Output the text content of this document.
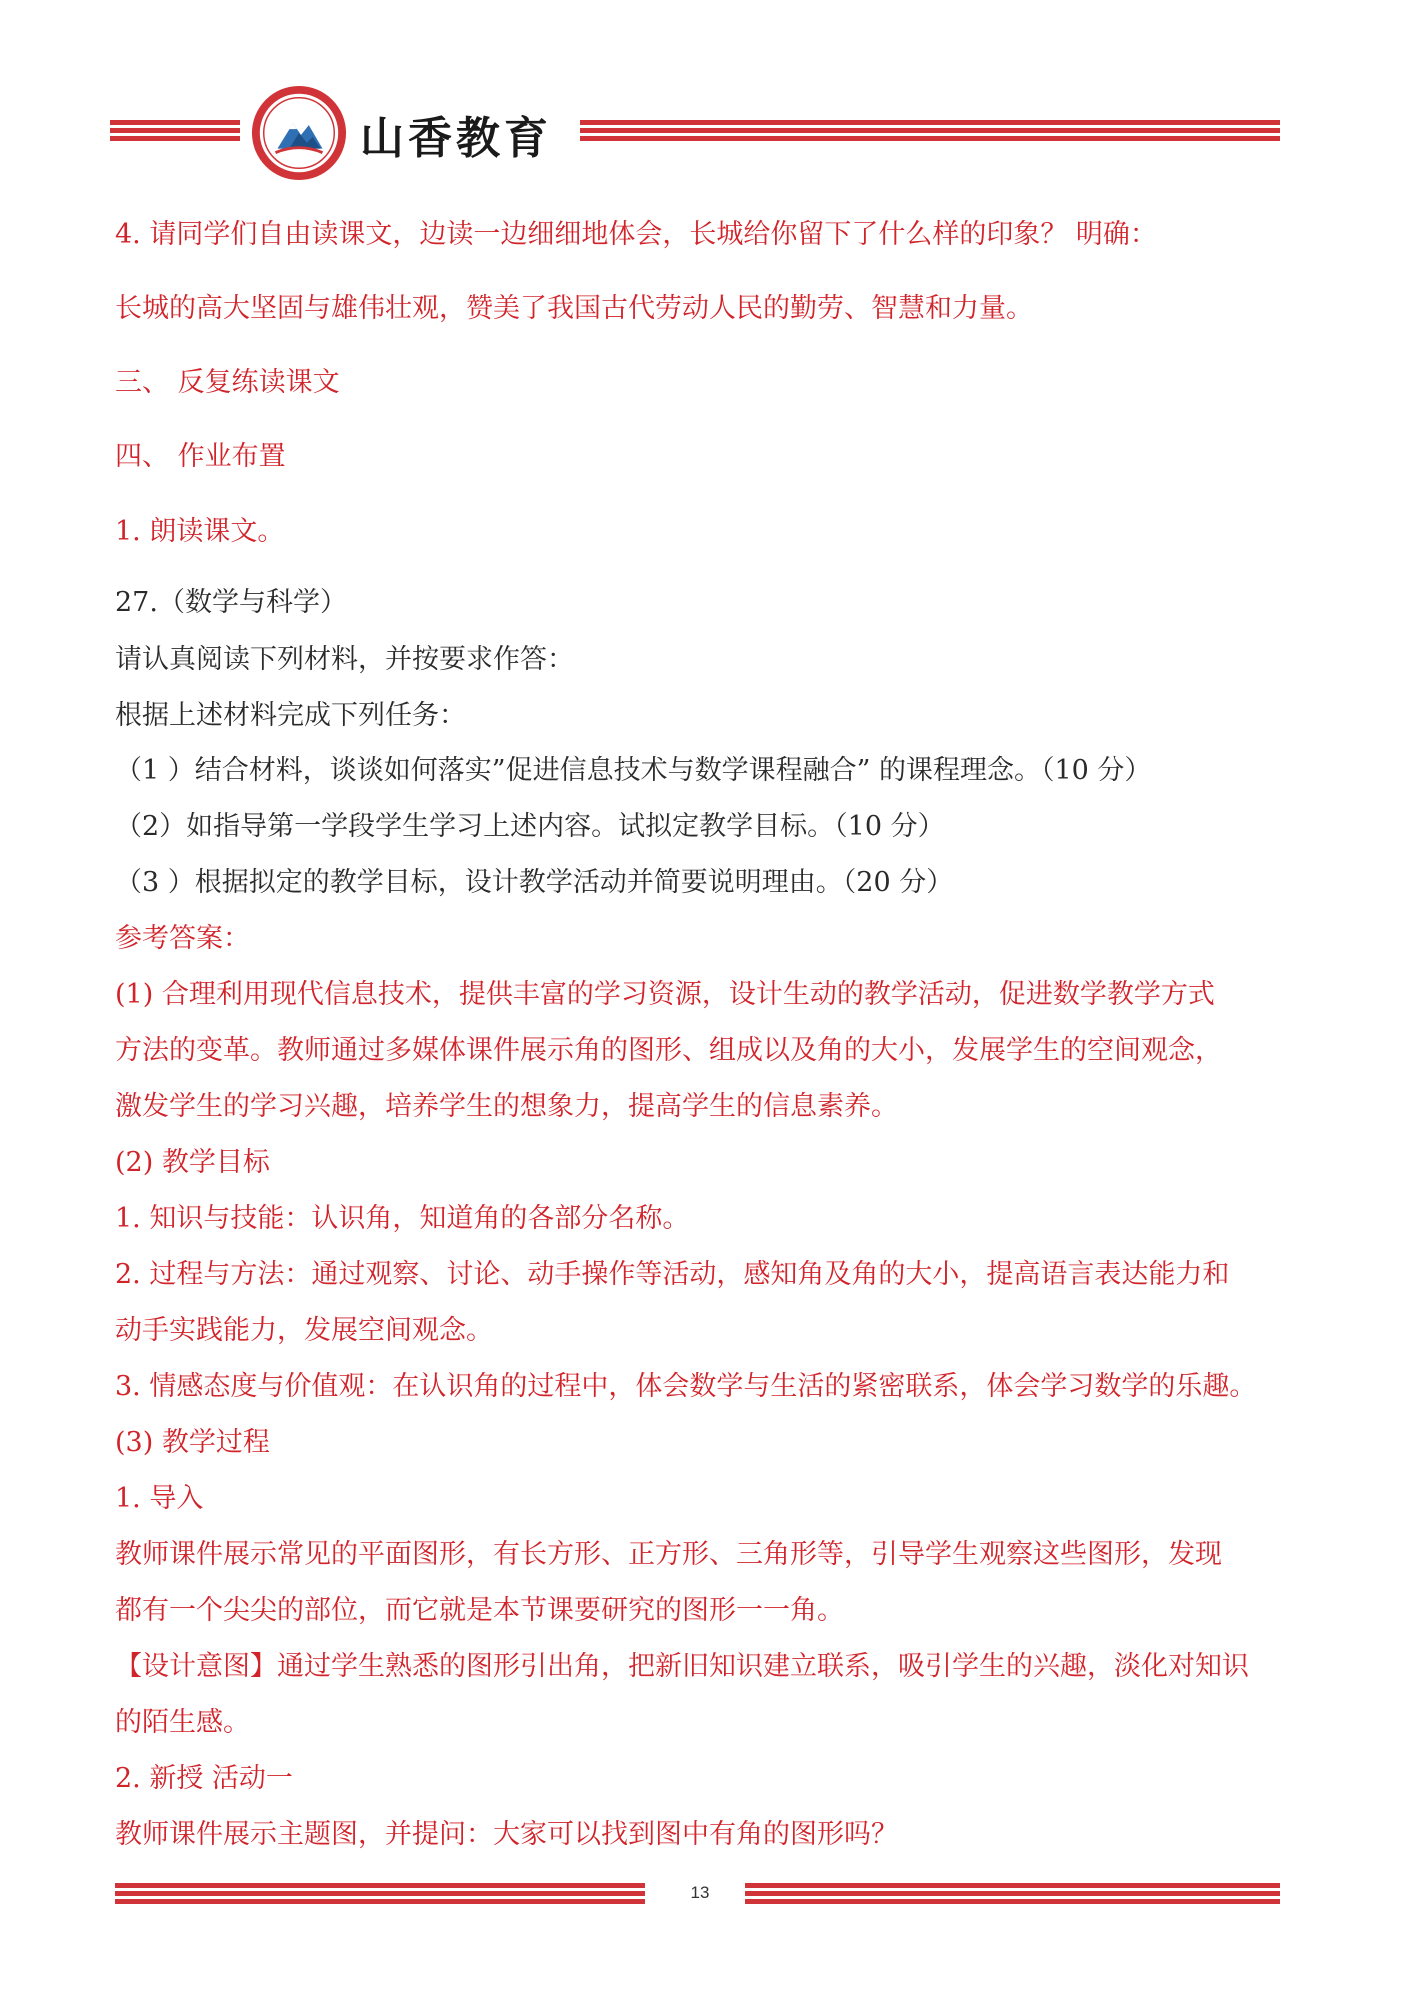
山香教育
4. 请同学们自由读课文，边读一边细细地体会，长城给你留下了什么样的印象？ 明确：
长城的高大坚固与雄伟壮观，赞美了我国古代劳动人民的勤劳、智慧和力量。
三、 反复练读课文
四、 作业布置
1. 朗读课文。
27.（数学与科学）
请认真阅读下列材料，并按要求作答：
根据上述材料完成下列任务：
（1 ）结合材料，谈谈如何落实”促进信息技术与数学课程融合” 的课程理念。（10 分）
（2）如指导第一学段学生学习上述内容。试拟定教学目标。（10 分）
（3 ）根据拟定的教学目标，设计教学活动并简要说明理由。（20 分）
参考答案：
(1) 合理利用现代信息技术，提供丰富的学习资源，设计生动的教学活动，促进数学教学方式
方法的变革。教师通过多媒体课件展示角的图形、组成以及角的大小，发展学生的空间观念，
激发学生的学习兴趣，培养学生的想象力，提高学生的信息素养。
(2) 教学目标
1. 知识与技能：认识角，知道角的各部分名称。
2. 过程与方法：通过观察、讨论、动手操作等活动，感知角及角的大小，提高语言表达能力和
动手实践能力，发展空间观念。
3. 情感态度与价值观：在认识角的过程中，体会数学与生活的紧密联系，体会学习数学的乐趣。
(3) 教学过程
1. 导入
教师课件展示常见的平面图形，有长方形、正方形、三角形等，引导学生观察这些图形，发现
都有一个尖尖的部位，而它就是本节课要研究的图形一一角。
【设计意图】通过学生熟悉的图形引出角，把新旧知识建立联系，吸引学生的兴趣，淡化对知识
的陌生感。
2. 新授 活动一
教师课件展示主题图，并提问：大家可以找到图中有角的图形吗？
13
